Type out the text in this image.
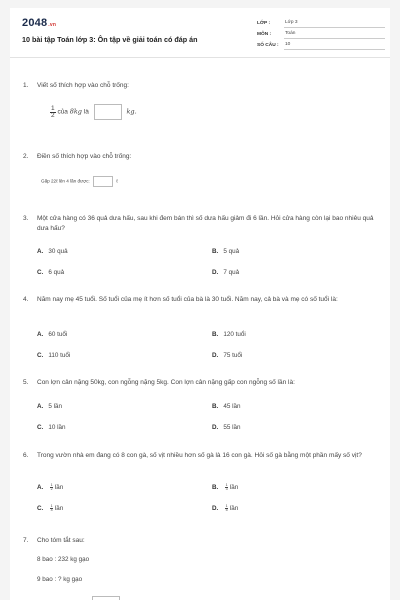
2048.vn
10 bài tập Toán lớp 3: Ôn tập về giải toán có đáp án
LỚP :	Lớp 3
MÔN :	Toán
SỐ CÂU :	10
1. Viết số thích hợp vào chỗ trống:
$\frac{1}{2}$ của 8kg là	kg.
2. Điền số thích hợp vào chỗ trống:
Gấp 22ℓ lên 4 lần được:	ℓ
3. Một cửa hàng có 36 quả dưa hấu, sau khi đem bán thì số dưa hấu giảm đi 6 lần. Hỏi cửa hàng còn lại bao nhiêu quả dưa hấu?
A. 30 quả	B. 5 quả
C. 6 quả	D. 7 quả
4. Năm nay mẹ 45 tuổi. Số tuổi của mẹ ít hơn số tuổi của bà là 30 tuổi. Năm nay, cả bà và mẹ có số tuổi là:
A. 60 tuổi	B. 120 tuổi
C. 110 tuổi	D. 75 tuổi
5. Con lợn cân nặng 50kg, con ngỗng nặng 5kg. Con lợn cân nặng gấp con ngỗng số lần là:
A. 5 lần	B. 45 lần
C. 10 lần	D. 55 lần
6. Trong vườn nhà em đang có 8 con gà, số vịt nhiều hơn số gà là 16 con gà. Hỏi số gà bằng một phần mấy số vịt?
A. $\frac{1}{2}$ lần	B. $\frac{1}{3}$ lần
C. $\frac{1}{4}$ lần	D. $\frac{1}{5}$ lần
7. Cho tóm tắt sau:
8 bao : 232 kg gạo
9 bao : ? kg gạo
